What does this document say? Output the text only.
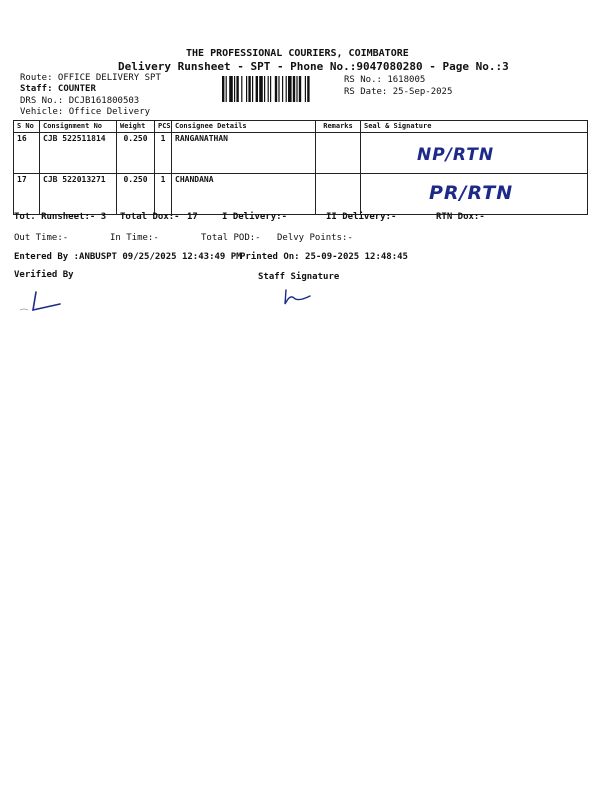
THE PROFESSIONAL COURIERS, COIMBATORE
Delivery Runsheet - SPT - Phone No.:9047080280 - Page No.:3
Route: OFFICE DELIVERY SPT
Staff: COUNTER
DRS No.: DCJB161800503
Vehicle: Office Delivery
RS No.: 1618005
RS Date: 25-Sep-2025
S No	Consignment No	Weight	PCS	Consignee Details	Remarks	Seal & Signature
16	CJB 522511814	0.250	1	RANGANATHAN		NP/RTN

17	CJB 522013271	0.250	1	CHANDANA		PR/RTN
Tot. Runsheet:- 3 Total Dox:- 17	I Delivery:-	II Delivery:-	RTN Dox:-
Out Time:-	In Time:-	Total POD:- Delvy Points:-
Entered By :ANBUSPT 09/25/2025 12:43:49 PM
Printed On: 25-09-2025 12:48:45
Verified By	Staff Signature
